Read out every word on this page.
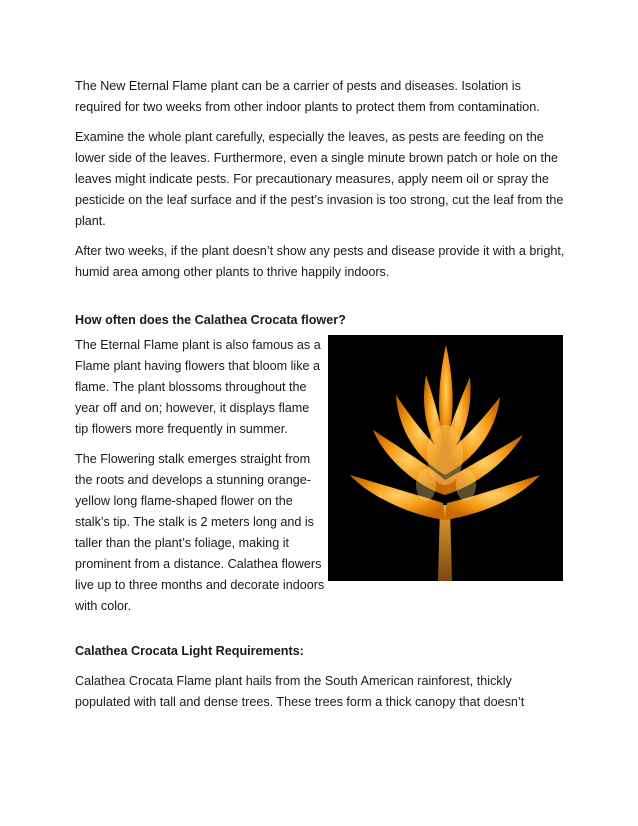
The New Eternal Flame plant can be a carrier of pests and diseases. Isolation is required for two weeks from other indoor plants to protect them from contamination.

Examine the whole plant carefully, especially the leaves, as pests are feeding on the lower side of the leaves. Furthermore, even a single minute brown patch or hole on the leaves might indicate pests. For precautionary measures, apply neem oil or spray the pesticide on the leaf surface and if the pest’s invasion is too strong, cut the leaf from the plant.

After two weeks, if the plant doesn’t show any pests and disease provide it with a bright, humid area among other plants to thrive happily indoors.

How often does the Calathea Crocata flower?

The Eternal Flame plant is also famous as a Flame plant having flowers that bloom like a flame. The plant blossoms throughout the year off and on; however, it displays flame tip flowers more frequently in summer.

The Flowering stalk emerges straight from the roots and develops a stunning orange-yellow long flame-shaped flower on the stalk’s tip. The stalk is 2 meters long and is taller than the plant’s foliage, making it prominent from a distance. Calathea flowers live up to three months and decorate indoors with color.

Calathea Crocata Light Requirements:

Calathea Crocata Flame plant hails from the South American rainforest, thickly populated with tall and dense trees. These trees form a thick canopy that doesn’t
